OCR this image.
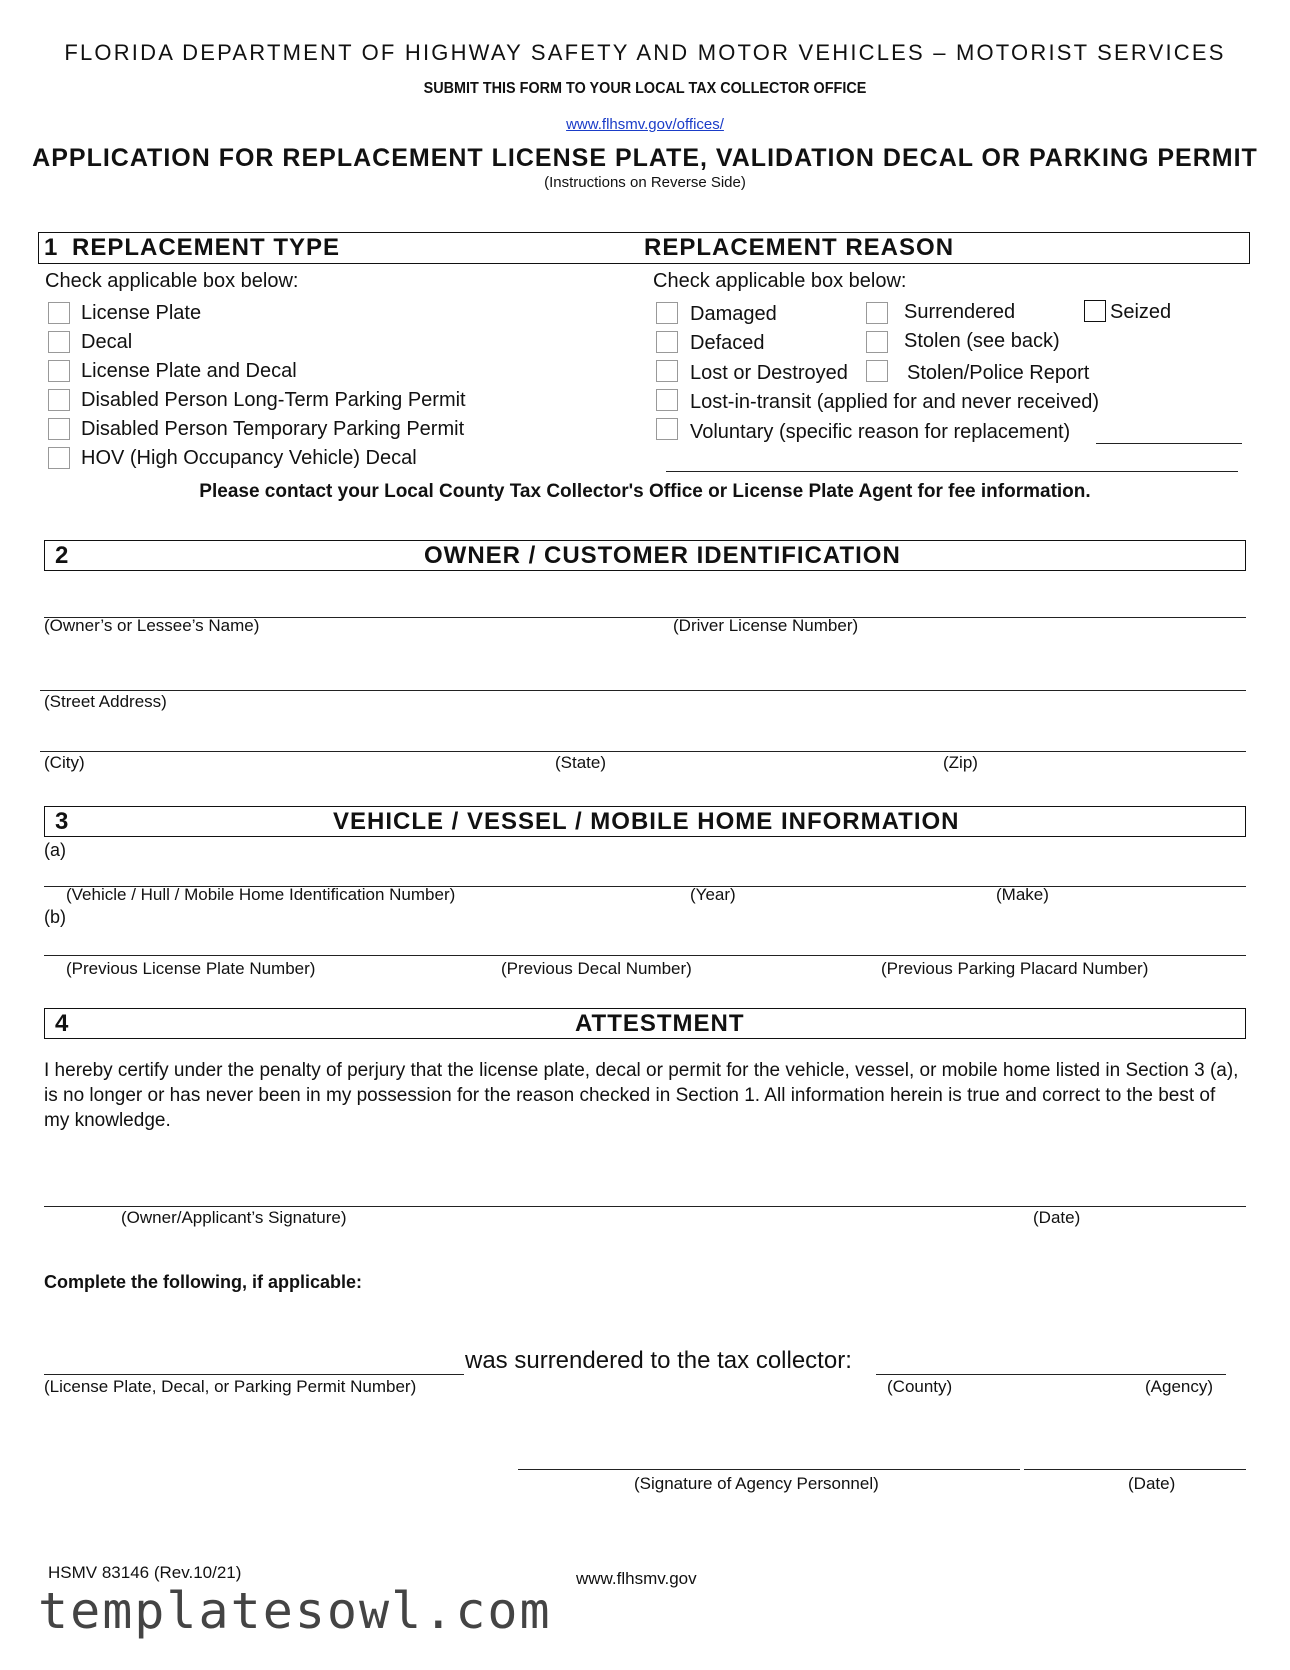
FLORIDA DEPARTMENT OF HIGHWAY SAFETY AND MOTOR VEHICLES – MOTORIST SERVICES
SUBMIT THIS FORM TO YOUR LOCAL TAX COLLECTOR OFFICE
www.flhsmv.gov/offices/
APPLICATION FOR REPLACEMENT LICENSE PLATE, VALIDATION DECAL OR PARKING PERMIT
(Instructions on Reverse Side)
1 REPLACEMENT TYPE	REPLACEMENT REASON
Check applicable box below:	Check applicable box below:
License Plate
Decal
License Plate and Decal
Disabled Person Long-Term Parking Permit
Disabled Person Temporary Parking Permit
HOV (High Occupancy Vehicle) Decal
Damaged
Defaced
Lost or Destroyed
Lost-in-transit (applied for and never received)
Voluntary (specific reason for replacement)
Surrendered
Stolen (see back)
Stolen/Police Report
Seized
Please contact your Local County Tax Collector's Office or License Plate Agent for fee information.
2	OWNER / CUSTOMER IDENTIFICATION
(Owner’s or Lessee’s Name)	(Driver License Number)
(Street Address)
(City)	(State)	(Zip)
3	VEHICLE / VESSEL / MOBILE HOME INFORMATION
(a)
(Vehicle / Hull / Mobile Home Identification Number)	(Year)	(Make)
(b)
(Previous License Plate Number)	(Previous Decal Number)	(Previous Parking Placard Number)
4	ATTESTMENT
I hereby certify under the penalty of perjury that the license plate, decal or permit for the vehicle, vessel, or mobile home listed in Section 3 (a), is no longer or has never been in my possession for the reason checked in Section 1. All information herein is true and correct to the best of my knowledge.
(Owner/Applicant’s Signature)	(Date)
Complete the following, if applicable:
was surrendered to the tax collector:
(License Plate, Decal, or Parking Permit Number)	(County)	(Agency)
(Signature of Agency Personnel)	(Date)
HSMV 83146 (Rev.10/21)	www.flhsmv.gov
templatesowl.com
